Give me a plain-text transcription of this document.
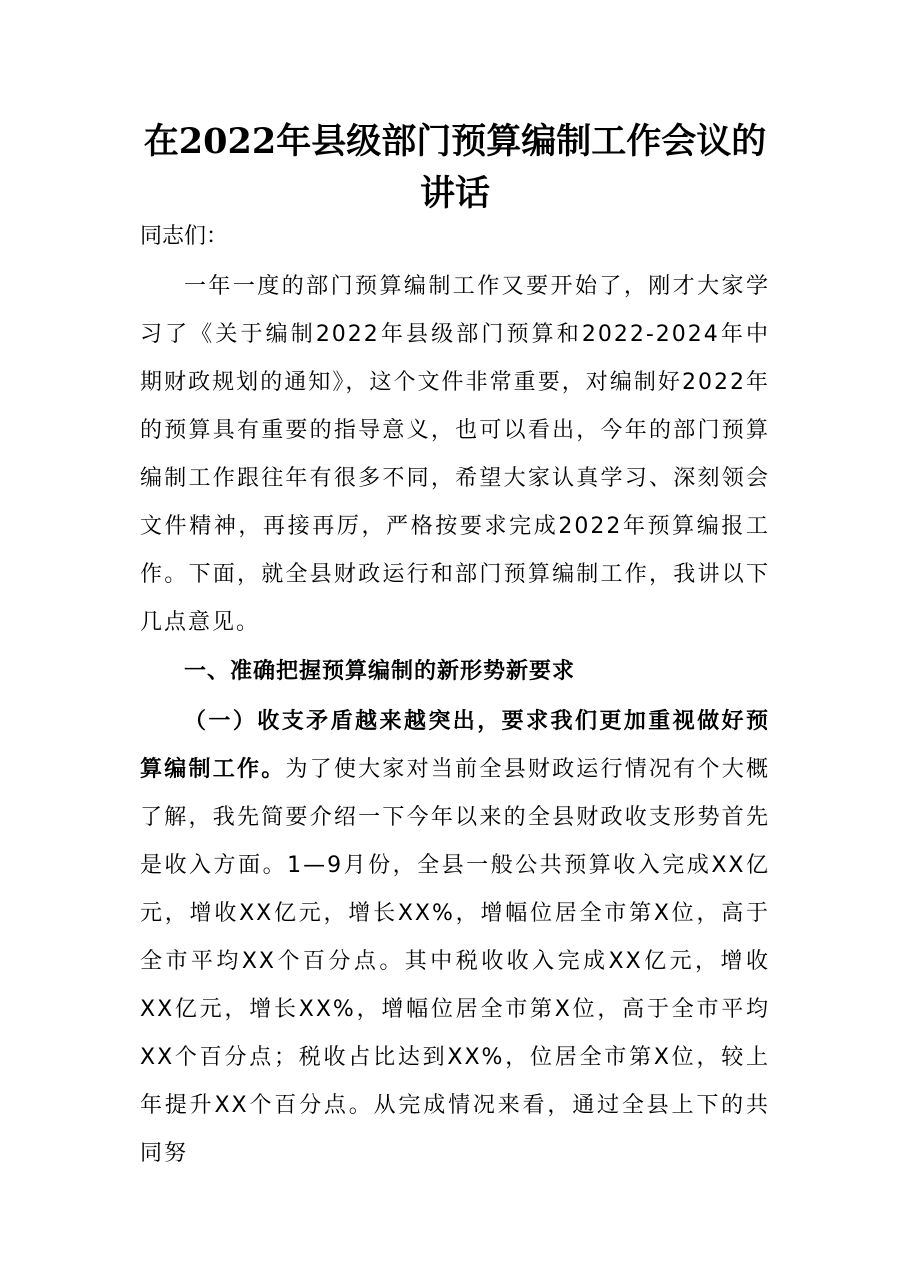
在2022年县级部门预算编制工作会议的讲话

同志们：

一年一度的部门预算编制工作又要开始了，刚才大家学习了《关于编制2022年县级部门预算和2022-2024年中期财政规划的通知》，这个文件非常重要，对编制好2022年的预算具有重要的指导意义，也可以看出，今年的部门预算编制工作跟往年有很多不同，希望大家认真学习、深刻领会文件精神，再接再厉，严格按要求完成2022年预算编报工作。下面，就全县财政运行和部门预算编制工作，我讲以下几点意见。

一、准确把握预算编制的新形势新要求

（一）收支矛盾越来越突出，要求我们更加重视做好预算编制工作。为了使大家对当前全县财政运行情况有个大概了解，我先简要介绍一下今年以来的全县财政收支形势首先是收入方面。1—9月份，全县一般公共预算收入完成XX亿元，增收XX亿元，增长XX%，增幅位居全市第X位，高于全市平均XX个百分点。其中税收收入完成XX亿元，增收XX亿元，增长XX%，增幅位居全市第X位，高于全市平均XX个百分点；税收占比达到XX%，位居全市第X位，较上年提升XX个百分点。从完成情况来看，通过全县上下的共同努
